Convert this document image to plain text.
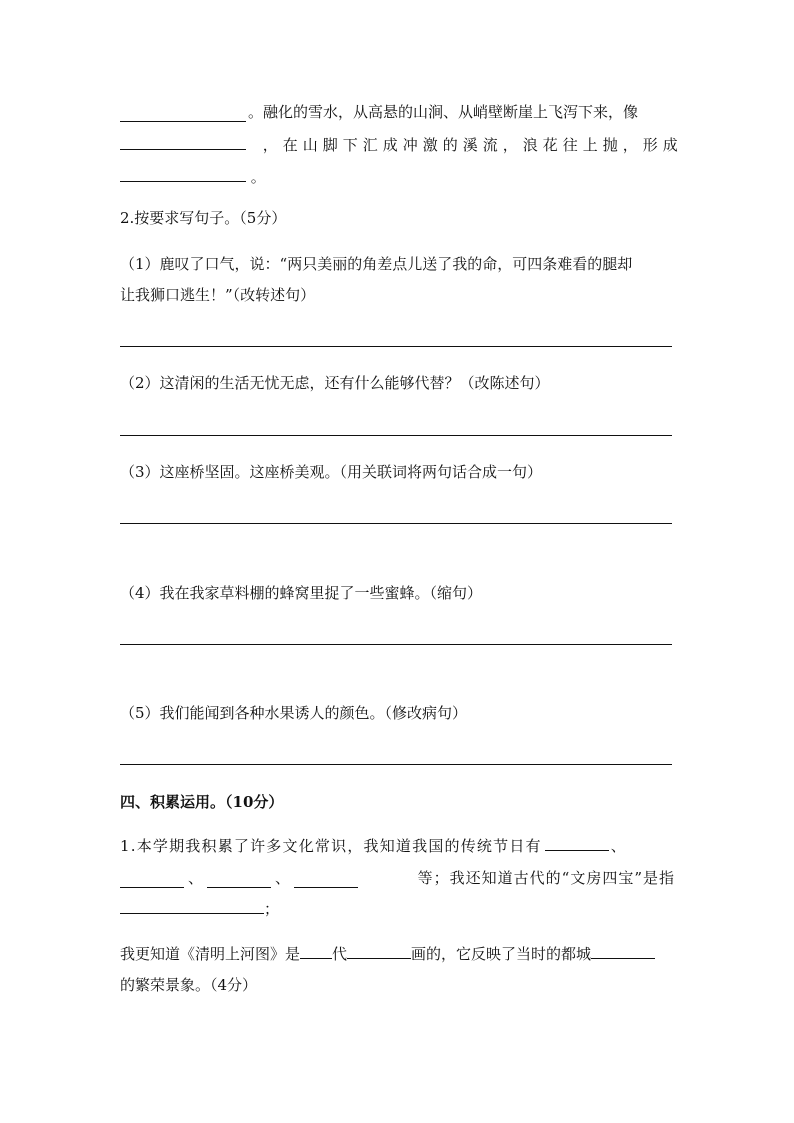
。融化的雪水，从高悬的山涧、从峭壁断崖上飞泻下来，像
，在山脚下汇成冲激的溪流，浪花往上抛，形成
。
2.按要求写句子。（5分）
（1）鹿叹了口气，说：“两只美丽的角差点儿送了我的命，可四条难看的腿却
让我狮口逃生！”（改转述句）
（2）这清闲的生活无忧无虑，还有什么能够代替？（改陈述句）
（3）这座桥坚固。这座桥美观。（用关联词将两句话合成一句）
（4）我在我家草料棚的蜂窝里捉了一些蜜蜂。（缩句）
（5）我们能闻到各种水果诱人的颜色。（修改病句）
四、积累运用。（10分）
1.本学期我积累了许多文化常识，我知道我国的传统节日有	、
、	、	等；我还知道古代的“文房四宝”是指
；
我更知道《清明上河图》是 代	画的，它反映了当时的都城
的繁荣景象。（4分）
